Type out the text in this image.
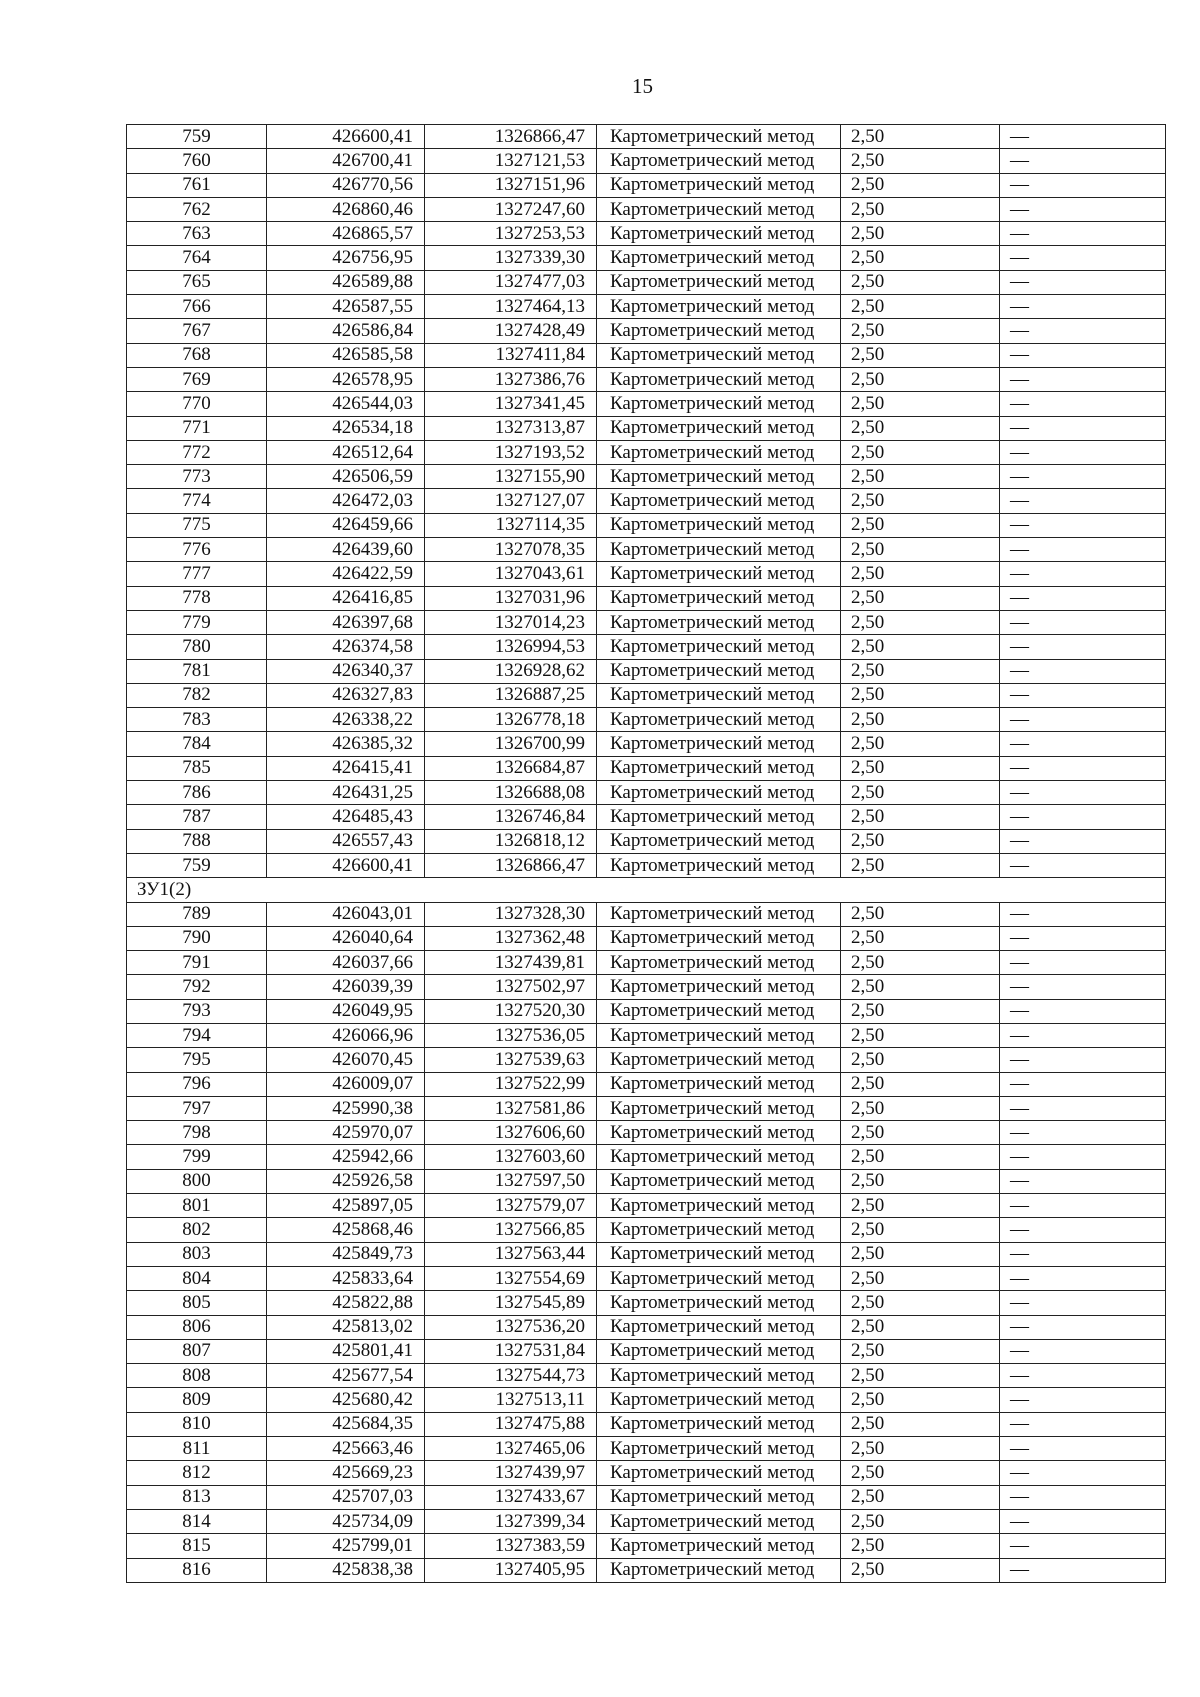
15
759	426600,41	1326866,47	Картометрический метод	2,50	—
760	426700,41	1327121,53	Картометрический метод	2,50	—
761	426770,56	1327151,96	Картометрический метод	2,50	—
762	426860,46	1327247,60	Картометрический метод	2,50	—
763	426865,57	1327253,53	Картометрический метод	2,50	—
764	426756,95	1327339,30	Картометрический метод	2,50	—
765	426589,88	1327477,03	Картометрический метод	2,50	—
766	426587,55	1327464,13	Картометрический метод	2,50	—
767	426586,84	1327428,49	Картометрический метод	2,50	—
768	426585,58	1327411,84	Картометрический метод	2,50	—
769	426578,95	1327386,76	Картометрический метод	2,50	—
770	426544,03	1327341,45	Картометрический метод	2,50	—
771	426534,18	1327313,87	Картометрический метод	2,50	—
772	426512,64	1327193,52	Картометрический метод	2,50	—
773	426506,59	1327155,90	Картометрический метод	2,50	—
774	426472,03	1327127,07	Картометрический метод	2,50	—
775	426459,66	1327114,35	Картометрический метод	2,50	—
776	426439,60	1327078,35	Картометрический метод	2,50	—
777	426422,59	1327043,61	Картометрический метод	2,50	—
778	426416,85	1327031,96	Картометрический метод	2,50	—
779	426397,68	1327014,23	Картометрический метод	2,50	—
780	426374,58	1326994,53	Картометрический метод	2,50	—
781	426340,37	1326928,62	Картометрический метод	2,50	—
782	426327,83	1326887,25	Картометрический метод	2,50	—
783	426338,22	1326778,18	Картометрический метод	2,50	—
784	426385,32	1326700,99	Картометрический метод	2,50	—
785	426415,41	1326684,87	Картометрический метод	2,50	—
786	426431,25	1326688,08	Картометрический метод	2,50	—
787	426485,43	1326746,84	Картометрический метод	2,50	—
788	426557,43	1326818,12	Картометрический метод	2,50	—
759	426600,41	1326866,47	Картометрический метод	2,50	—
ЗУ1(2)					
789	426043,01	1327328,30	Картометрический метод	2,50	—
790	426040,64	1327362,48	Картометрический метод	2,50	—
791	426037,66	1327439,81	Картометрический метод	2,50	—
792	426039,39	1327502,97	Картометрический метод	2,50	—
793	426049,95	1327520,30	Картометрический метод	2,50	—
794	426066,96	1327536,05	Картометрический метод	2,50	—
795	426070,45	1327539,63	Картометрический метод	2,50	—
796	426009,07	1327522,99	Картометрический метод	2,50	—
797	425990,38	1327581,86	Картометрический метод	2,50	—
798	425970,07	1327606,60	Картометрический метод	2,50	—
799	425942,66	1327603,60	Картометрический метод	2,50	—
800	425926,58	1327597,50	Картометрический метод	2,50	—
801	425897,05	1327579,07	Картометрический метод	2,50	—
802	425868,46	1327566,85	Картометрический метод	2,50	—
803	425849,73	1327563,44	Картометрический метод	2,50	—
804	425833,64	1327554,69	Картометрический метод	2,50	—
805	425822,88	1327545,89	Картометрический метод	2,50	—
806	425813,02	1327536,20	Картометрический метод	2,50	—
807	425801,41	1327531,84	Картометрический метод	2,50	—
808	425677,54	1327544,73	Картометрический метод	2,50	—
809	425680,42	1327513,11	Картометрический метод	2,50	—
810	425684,35	1327475,88	Картометрический метод	2,50	—
811	425663,46	1327465,06	Картометрический метод	2,50	—
812	425669,23	1327439,97	Картометрический метод	2,50	—
813	425707,03	1327433,67	Картометрический метод	2,50	—
814	425734,09	1327399,34	Картометрический метод	2,50	—
815	425799,01	1327383,59	Картометрический метод	2,50	—
816	425838,38	1327405,95	Картометрический метод	2,50	—
